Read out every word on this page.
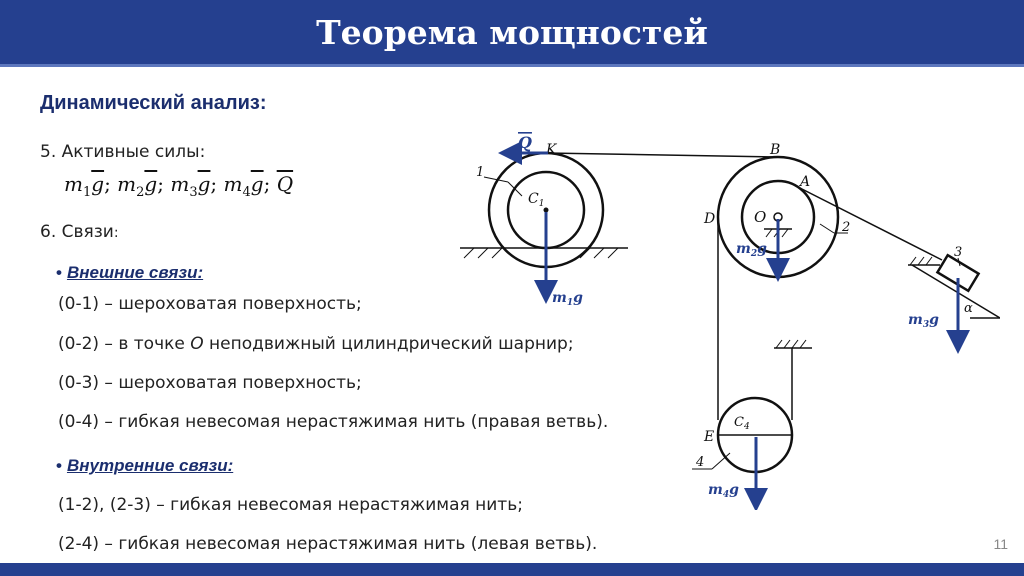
Теорема мощностей
Динамический анализ:
5. Активные силы:
$m_1\overline{g}$; $m_2\overline{g}$; $m_3\overline{g}$; $m_4\overline{g}$; $\overline{Q}$
6. Связи:
• Внешние связи:
(0-1) – шероховатая поверхность;
(0-2) – в точке O неподвижный цилиндрический шарнир;
(0-3) – шероховатая поверхность;
(0-4) – гибкая невесомая нерастяжимая нить (правая ветвь).
• Внутренние связи:
(1-2), (2-3) – гибкая невесомая нерастяжимая нить;
(2-4) – гибкая невесомая нерастяжимая нить (левая ветвь).
K	B
A
D	O
E
$C_1$
$C_4$
1
2
3
4
α
Q
$m_1g$
$m_2g$
$m_3g$
$m_4g$
11
